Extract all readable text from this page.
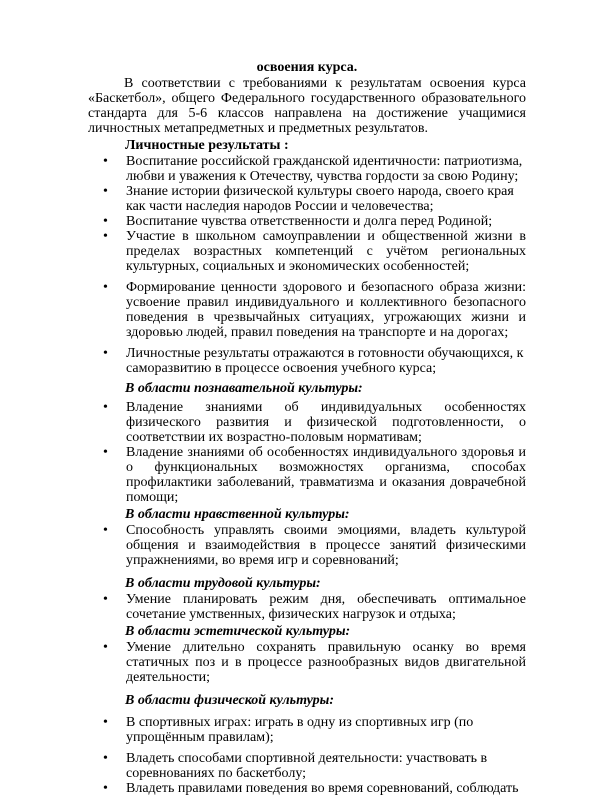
освоения курса.

В соответствии с требованиями к результатам освоения курса «Баскетбол», общего Федерального государственного образовательного стандарта для 5-6 классов направлена на достижение учащимися личностных метапредметных и предметных результатов.

Личностные результаты :
•	Воспитание российской гражданской идентичности: патриотизма, любви и уважения к Отечеству, чувства гордости за свою Родину;
• Знание истории физической культуры своего народа, своего края как части наследия народов России и человечества;
• Воспитание чувства ответственности и долга перед Родиной;
• Участие в школьном самоуправлении и общественной жизни в пределах возрастных компетенций с учётом региональных культурных, социальных и экономических особенностей;
• Формирование ценности здорового и безопасного образа жизни: усвоение правил индивидуального и коллективного безопасного поведения в чрезвычайных ситуациях, угрожающих жизни и здоровью людей, правил поведения на транспорте и на дорогах;
• Личностные результаты отражаются в готовности обучающихся, к саморазвитию в процессе освоения учебного курса;
В области познавательной культуры:
• Владение знаниями об индивидуальных особенностях физического развития и физической подготовленности, о соответствии их возрастно-половым нормативам;
• Владение знаниями об особенностях индивидуального здоровья и о функциональных возможностях организма, способах профилактики заболеваний, травматизма и оказания доврачебной помощи;
В области нравственной культуры:
• Способность управлять своими эмоциями, владеть культурой общения и взаимодействия в процессе занятий физическими упражнениями, во время игр и соревнований;
В области трудовой культуры:
• Умение планировать режим дня, обеспечивать оптимальное сочетание умственных, физических нагрузок и отдыха;
В области эстетической культуры:
• Умение длительно сохранять правильную осанку во время статичных поз и в процессе разнообразных видов двигательной деятельности;
В области физической культуры:
• В спортивных играх: играть в одну из спортивных игр (по упрощённым правилам);
• Владеть способами спортивной деятельности: участвовать в соревнованиях по баскетболу;
• Владеть правилами поведения во время соревнований, соблюдать
